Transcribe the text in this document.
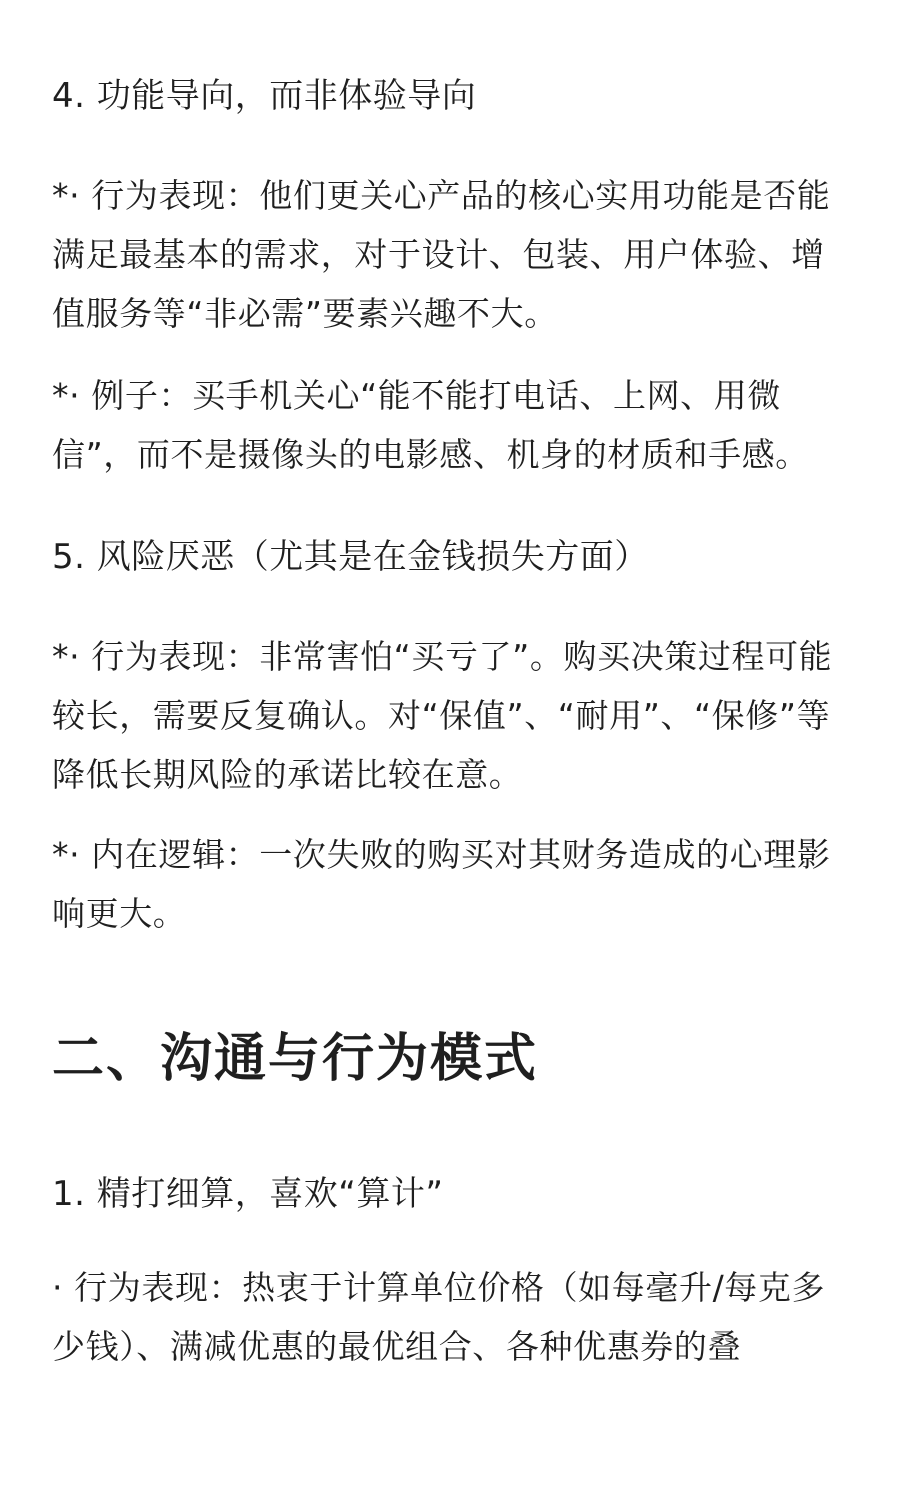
4. 功能导向，而非体验导向

*· 行为表现：他们更关心产品的核心实用功能是否能满足最基本的需求，对于设计、包装、用户体验、增值服务等“非必需”要素兴趣不大。

*· 例子：买手机关心“能不能打电话、上网、用微信”，而不是摄像头的电影感、机身的材质和手感。

5. 风险厌恶（尤其是在金钱损失方面）

*· 行为表现：非常害怕“买亏了”。购买决策过程可能较长，需要反复确认。对“保值”、“耐用”、“保修”等降低长期风险的承诺比较在意。

*· 内在逻辑：一次失败的购买对其财务造成的心理影响更大。

二、沟通与行为模式
1. 精打细算，喜欢“算计”

· 行为表现：热衷于计算单位价格（如每毫升/每克多少钱）、满减优惠的最优组合、各种优惠券的叠
